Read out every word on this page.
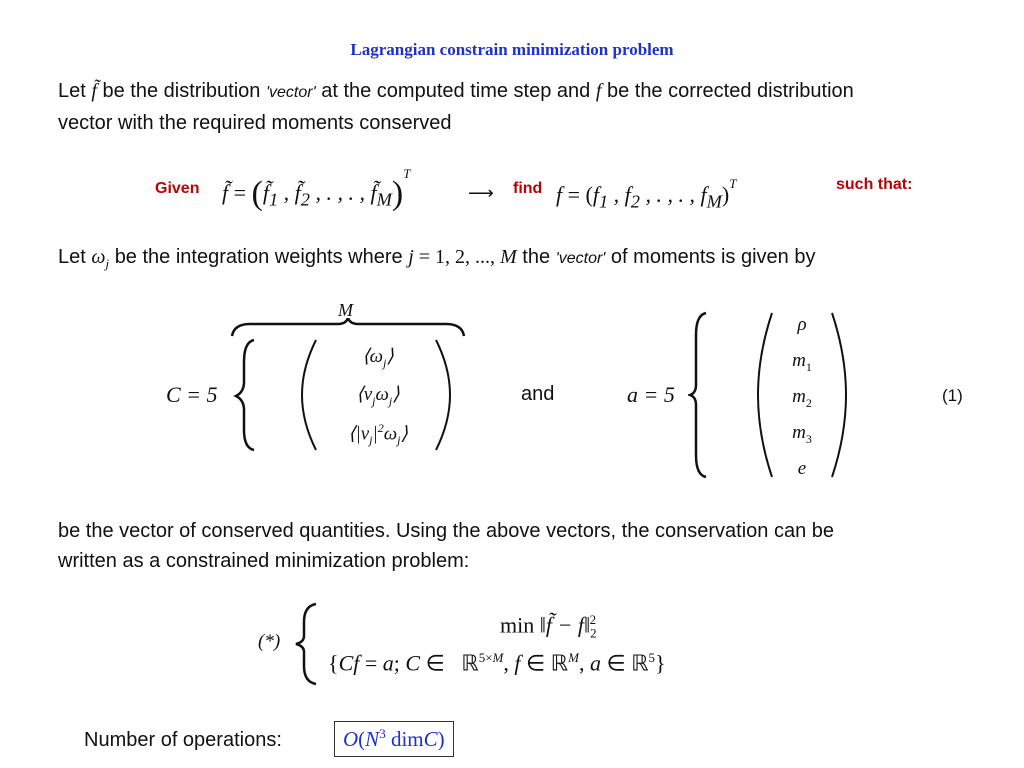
Lagrangian constrain minimization problem
Let f̃ be the distribution 'vector' at the computed time step and f be the corrected distribution
vector with the required moments conserved
Given f̃ = ($f̃_1$ , $f̃_2$ , . , . , $f̃_M)^T$
⟶ find $f = (f_1$ , $f_2$ , . , . , $f_M)^T$	such that:
Let $\omega_j$ be the integration weights where j = 1, 2, ..., M the 'vector' of moments is given by
C = 5
M
$⟨\omega_j⟩$
$⟨v_j\omega_j⟩$
$⟨|v_j|^2\omega_j⟩$
and	a = 5
ρ
$m_1$
$m_2$
$m_3$
e
(1)
be the vector of conserved quantities. Using the above vectors, the conservation can be
written as a constrained minimization problem:
(*)
min ‖f̃ − $f‖_2^2$
{Cf = a; C ∈ ℝ$^{5\times M}$, f ∈ ℝ$^M$, a ∈ ℝ$^5$}
Number of operations:	$O(N^3$ dimC)
